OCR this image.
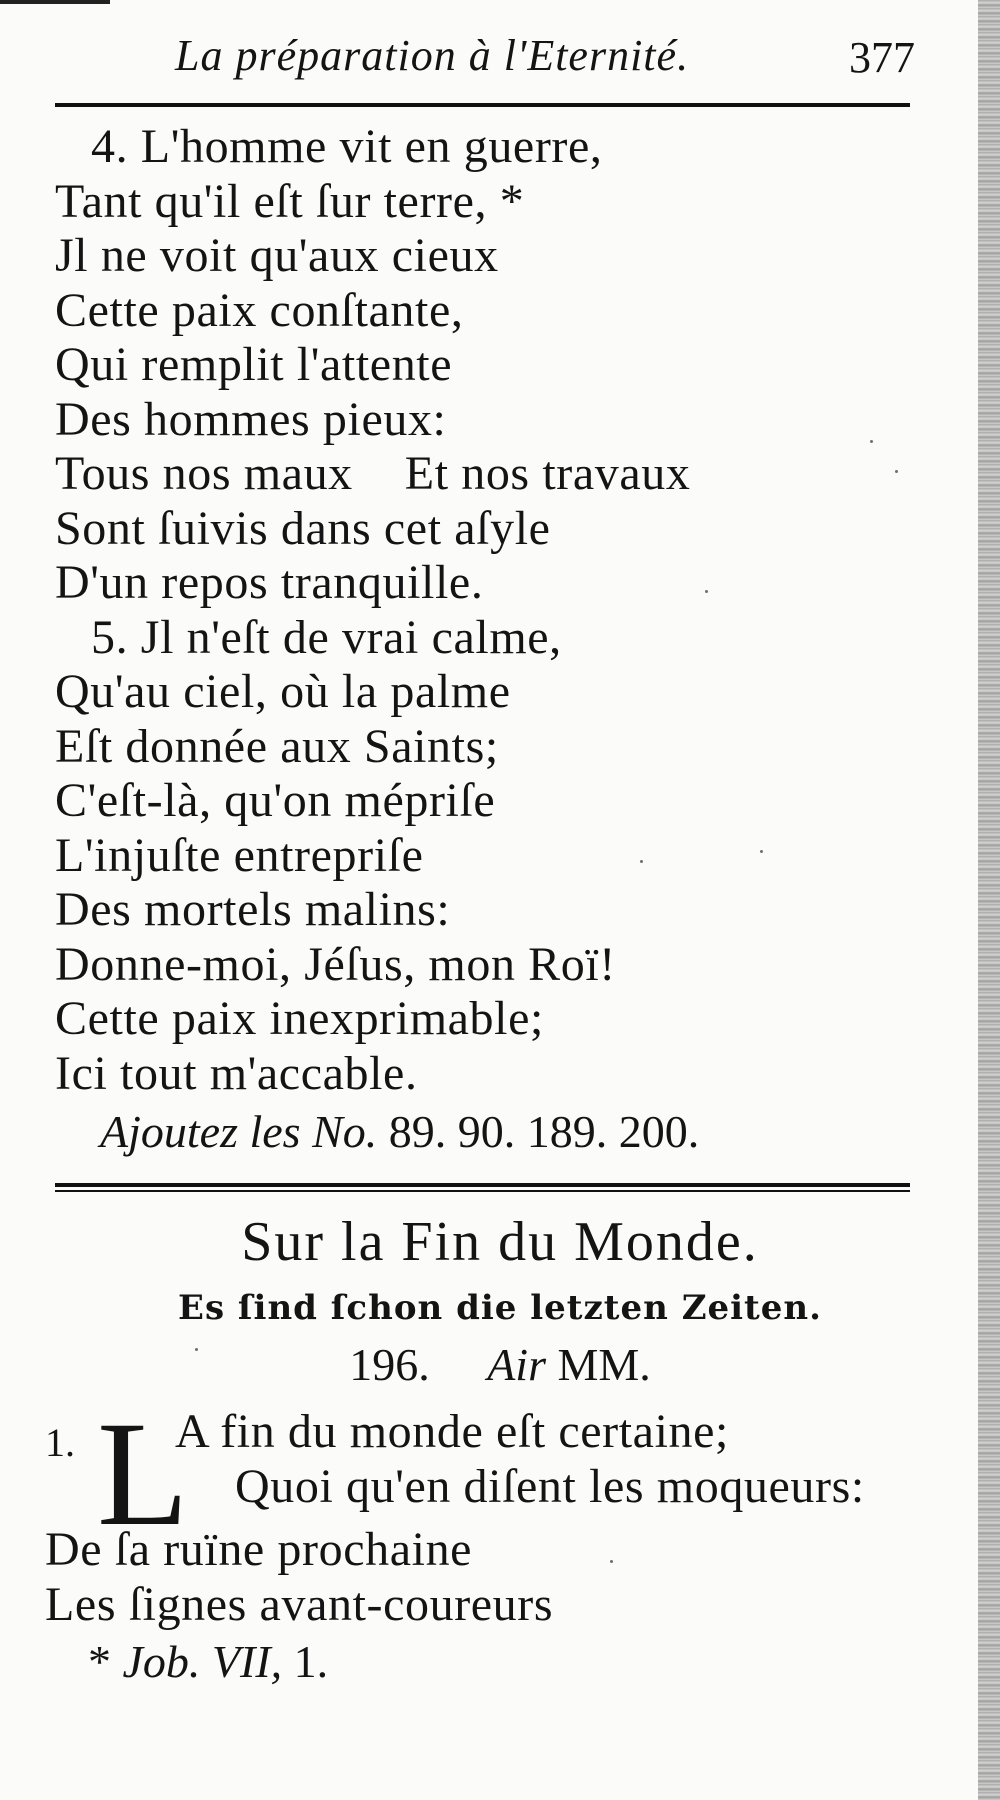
La préparation à l'Eternité.	377
4. L'homme vit en guerre,
Tant qu'il eſt ſur terre, *
Jl ne voit qu'aux cieux
Cette paix conſtante,
Qui remplit l'attente
Des hommes pieux:
Tous nos maux Et nos travaux
Sont ſuivis dans cet aſyle
D'un repos tranquille.
5. Jl n'eſt de vrai calme,
Qu'au ciel, où la palme
Eſt donnée aux Saints;
C'eſt-là, qu'on mépriſe
L'injuſte entrepriſe
Des mortels malins:
Donne-moi, Jéſus, mon Roï!
Cette paix inexprimable;
Ici tout m'accable.
Ajoutez les No. 89. 90. 189. 200.
Sur la Fin du Monde.
Es ſind ſchon die letzten Zeiten.
196. Air MM.
1. L
A fin du monde eſt certaine;
Quoi qu'en diſent les moqueurs:
De ſa ruïne prochaine
Les ſignes avant-coureurs
* Job. VII, 1.
